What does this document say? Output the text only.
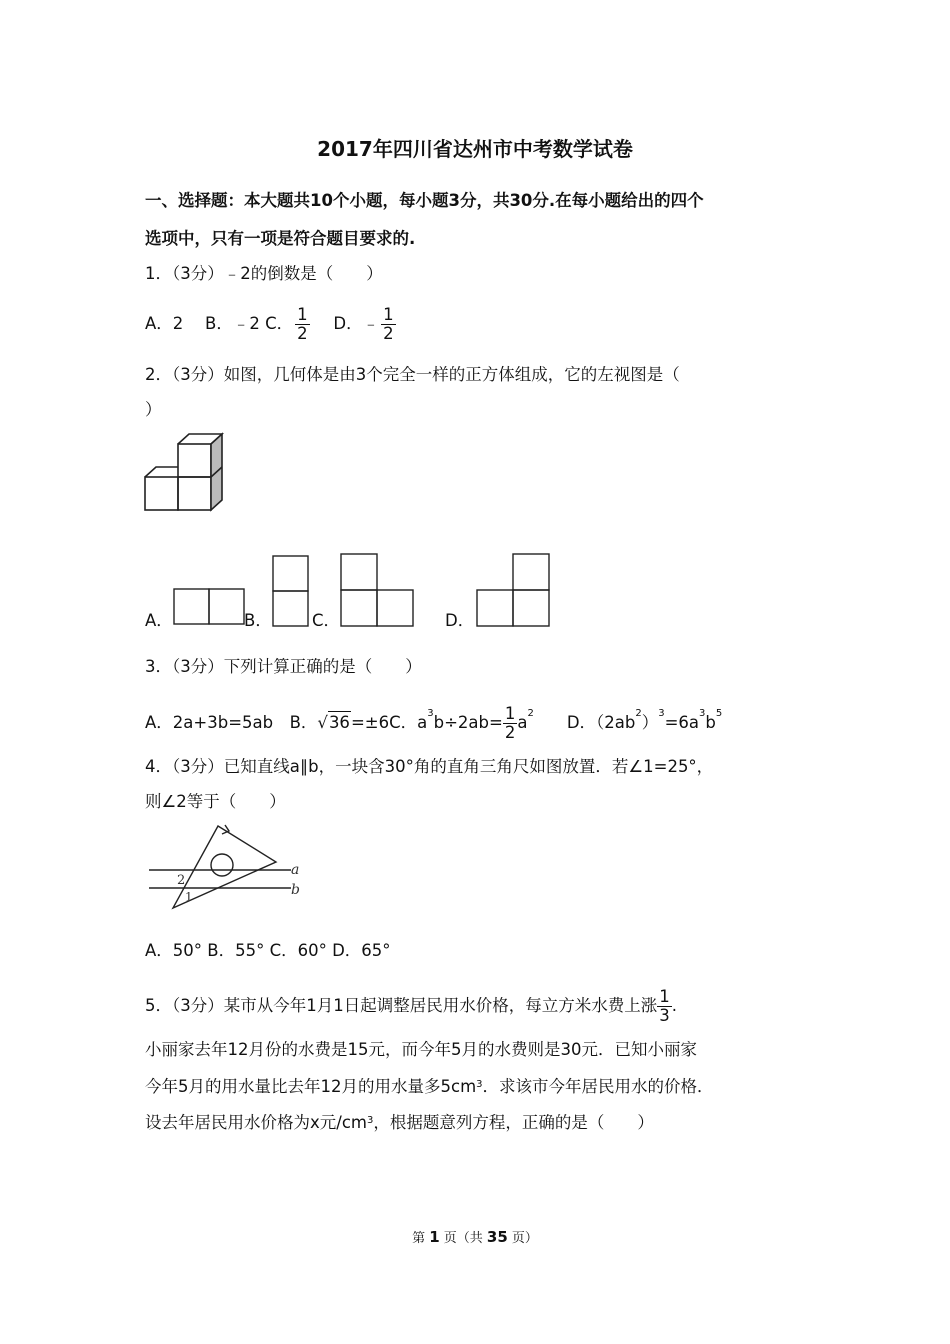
2017年四川省达州市中考数学试卷
一、选择题：本大题共10个小题，每小题3分，共30分.在每小题给出的四个
选项中，只有一项是符合题目要求的.
1．（3分）﹣2的倒数是（　　）
A．2　 B．﹣2 C． $\frac{1}{2}$
　 D．﹣ $\frac{1}{2}$
2．（3分）如图，几何体是由3个完全一样的正方体组成，它的左视图是（
）
A．	B． C．	D．
3．（3分）下列计算正确的是（　　）
A．2a+3b=5ab　B．√36=±6C．$a^3b\div 2ab= \frac{1}{2} a^2$　　 D．$(2ab^2)^3=6a^3b^5$
4．（3分）已知直线a∥b，一块含30°角的直角三角尺如图放置．若∠1=25°，
则∠2等于（　　）
a
b
2
1
A．50° B．55° C．60° D．65°
5．（3分）某市从今年1月1日起调整居民用水价格，每立方米水费上涨 $\frac{1}{3}$ .
小丽家去年12月份的水费是15元，而今年5月的水费则是30元．已知小丽家
今年5月的用水量比去年12月的用水量多$5cm^3$．求该市今年居民用水的价格．
设去年居民用水价格为x元$/cm^3$，根据题意列方程，正确的是（　　）
第 1 页（共 35 页）
